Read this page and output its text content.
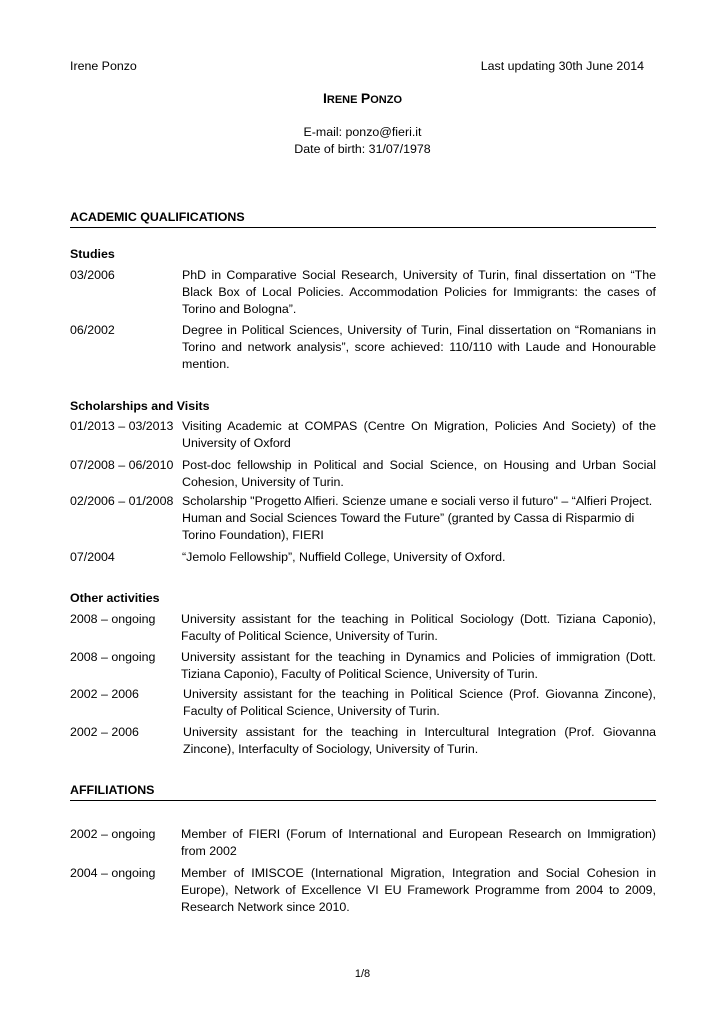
Irene Ponzo	Last updating 30th June 2014
IRENE PONZO
E-mail: ponzo@fieri.it
Date of birth: 31/07/1978
ACADEMIC QUALIFICATIONS
Studies
03/2006	PhD in Comparative Social Research, University of Turin, final dissertation on “The Black Box of Local Policies. Accommodation Policies for Immigrants: the cases of Torino and Bologna”.
06/2002	Degree in Political Sciences, University of Turin, Final dissertation on “Romanians in Torino and network analysis”, score achieved: 110/110 with Laude and Honourable mention.
Scholarships and Visits
01/2013 – 03/2013 Visiting Academic at COMPAS (Centre On Migration, Policies And Society) of the University of Oxford
07/2008 – 06/2010 Post-doc fellowship in Political and Social Science, on Housing and Urban Social Cohesion, University of Turin.
02/2006 – 01/2008 Scholarship "Progetto Alfieri. Scienze umane e sociali verso il futuro" – “Alfieri Project. Human and Social Sciences Toward the Future” (granted by Cassa di Risparmio di Torino Foundation), FIERI
07/2004	“Jemolo Fellowship”, Nuffield College, University of Oxford.
Other activities
2008 – ongoing University assistant for the teaching in Political Sociology (Dott. Tiziana Caponio), Faculty of Political Science, University of Turin.
2008 – ongoing University assistant for the teaching in Dynamics and Policies of immigration (Dott. Tiziana Caponio), Faculty of Political Science, University of Turin.
2002 – 2006	University assistant for the teaching in Political Science (Prof. Giovanna Zincone), Faculty of Political Science, University of Turin.
2002 – 2006	University assistant for the teaching in Intercultural Integration (Prof. Giovanna Zincone), Interfaculty of Sociology, University of Turin.
AFFILIATIONS
2002 – ongoing Member of FIERI (Forum of International and European Research on Immigration) from 2002
2004 – ongoing Member of IMISCOE (International Migration, Integration and Social Cohesion in Europe), Network of Excellence VI EU Framework Programme from 2004 to 2009, Research Network since 2010.
1/8
